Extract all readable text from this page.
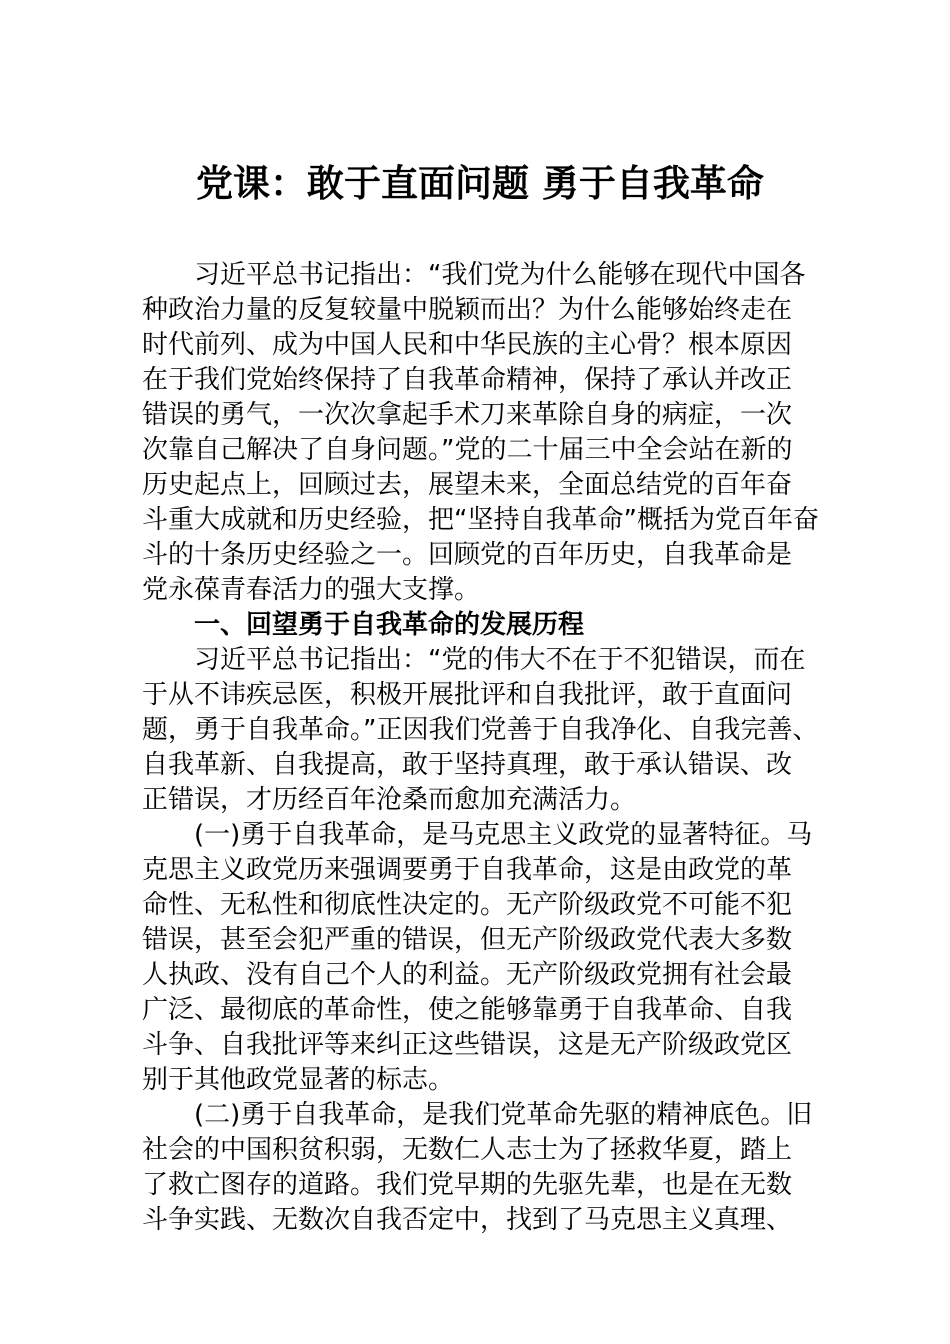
党课：敢于直面问题 勇于自我革命
习近平总书记指出：“我们党为什么能够在现代中国各
种政治力量的反复较量中脱颖而出？为什么能够始终走在
时代前列、成为中国人民和中华民族的主心骨？根本原因
在于我们党始终保持了自我革命精神，保持了承认并改正
错误的勇气，一次次拿起手术刀来革除自身的病症，一次
次靠自己解决了自身问题。”党的二十届三中全会站在新的
历史起点上，回顾过去，展望未来，全面总结党的百年奋
斗重大成就和历史经验，把“坚持自我革命”概括为党百年奋
斗的十条历史经验之一。回顾党的百年历史，自我革命是
党永葆青春活力的强大支撑。
一、回望勇于自我革命的发展历程
习近平总书记指出：“党的伟大不在于不犯错误，而在
于从不讳疾忌医，积极开展批评和自我批评，敢于直面问
题，勇于自我革命。”正因我们党善于自我净化、自我完善、
自我革新、自我提高，敢于坚持真理，敢于承认错误、改
正错误，才历经百年沧桑而愈加充满活力。
(一)勇于自我革命，是马克思主义政党的显著特征。马
克思主义政党历来强调要勇于自我革命，这是由政党的革
命性、无私性和彻底性决定的。无产阶级政党不可能不犯
错误，甚至会犯严重的错误，但无产阶级政党代表大多数
人执政、没有自己个人的利益。无产阶级政党拥有社会最
广泛、最彻底的革命性，使之能够靠勇于自我革命、自我
斗争、自我批评等来纠正这些错误，这是无产阶级政党区
别于其他政党显著的标志。
(二)勇于自我革命，是我们党革命先驱的精神底色。旧
社会的中国积贫积弱，无数仁人志士为了拯救华夏，踏上
了救亡图存的道路。我们党早期的先驱先辈，也是在无数
斗争实践、无数次自我否定中，找到了马克思主义真理、
